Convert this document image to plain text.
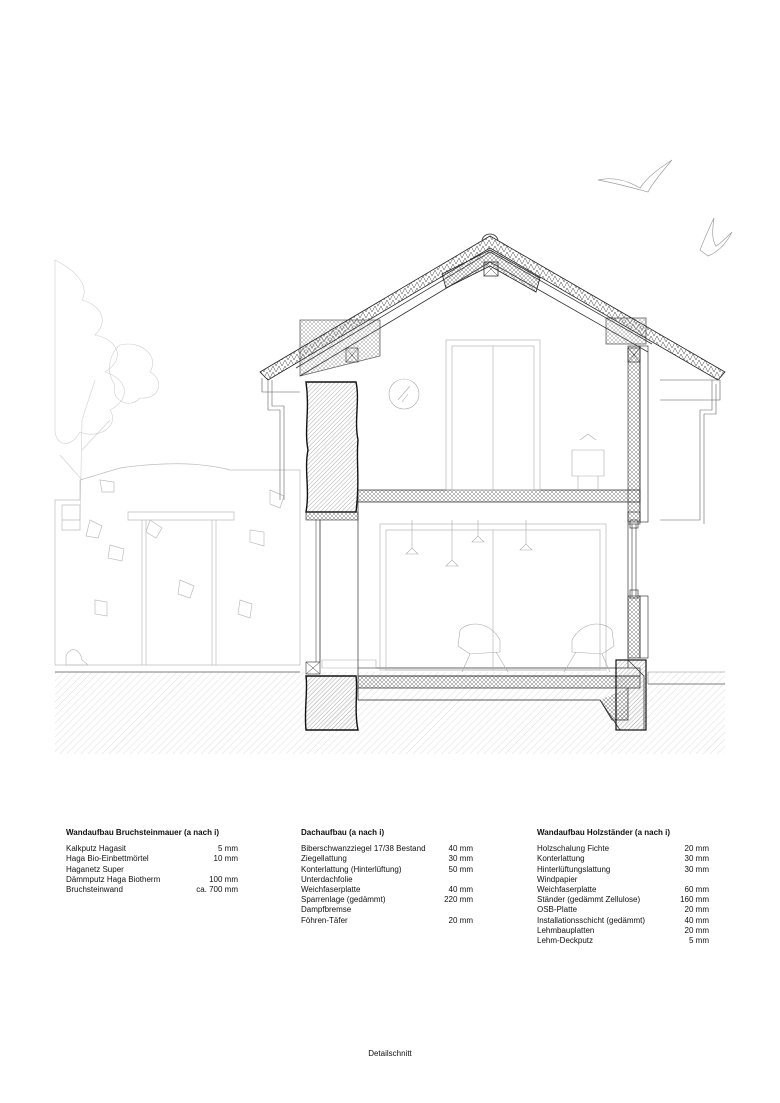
Wandaufbau Bruchsteinmauer (a nach i)
Kalkputz Hagasit	5 mm
Haga Bio-Einbettmörtel	10 mm
Haganetz Super
Dämmputz Haga Biotherm	100 mm
Bruchsteinwand	ca. 700 mm
Dachaufbau (a nach i)
Biberschwanzziegel 17/38 Bestand	40 mm
Ziegellattung	30 mm
Konterlattung (Hinterlüftung)	50 mm
Unterdachfolie
Weichfaserplatte	40 mm
Sparrenlage (gedämmt)	220 mm
Dampfbremse
Föhren-Täfer	20 mm
Wandaufbau Holzständer (a nach i)
Holzschalung Fichte	20 mm
Konterlattung	30 mm
Hinterlüftungslattung	30 mm
Windpapier
Weichfaserplatte	60 mm
Ständer (gedämmt Zellulose)	160 mm
OSB-Platte	20 mm
Installationsschicht (gedämmt)	40 mm
Lehmbauplatten	20 mm
Lehm-Deckputz	5 mm
Detailschnitt
